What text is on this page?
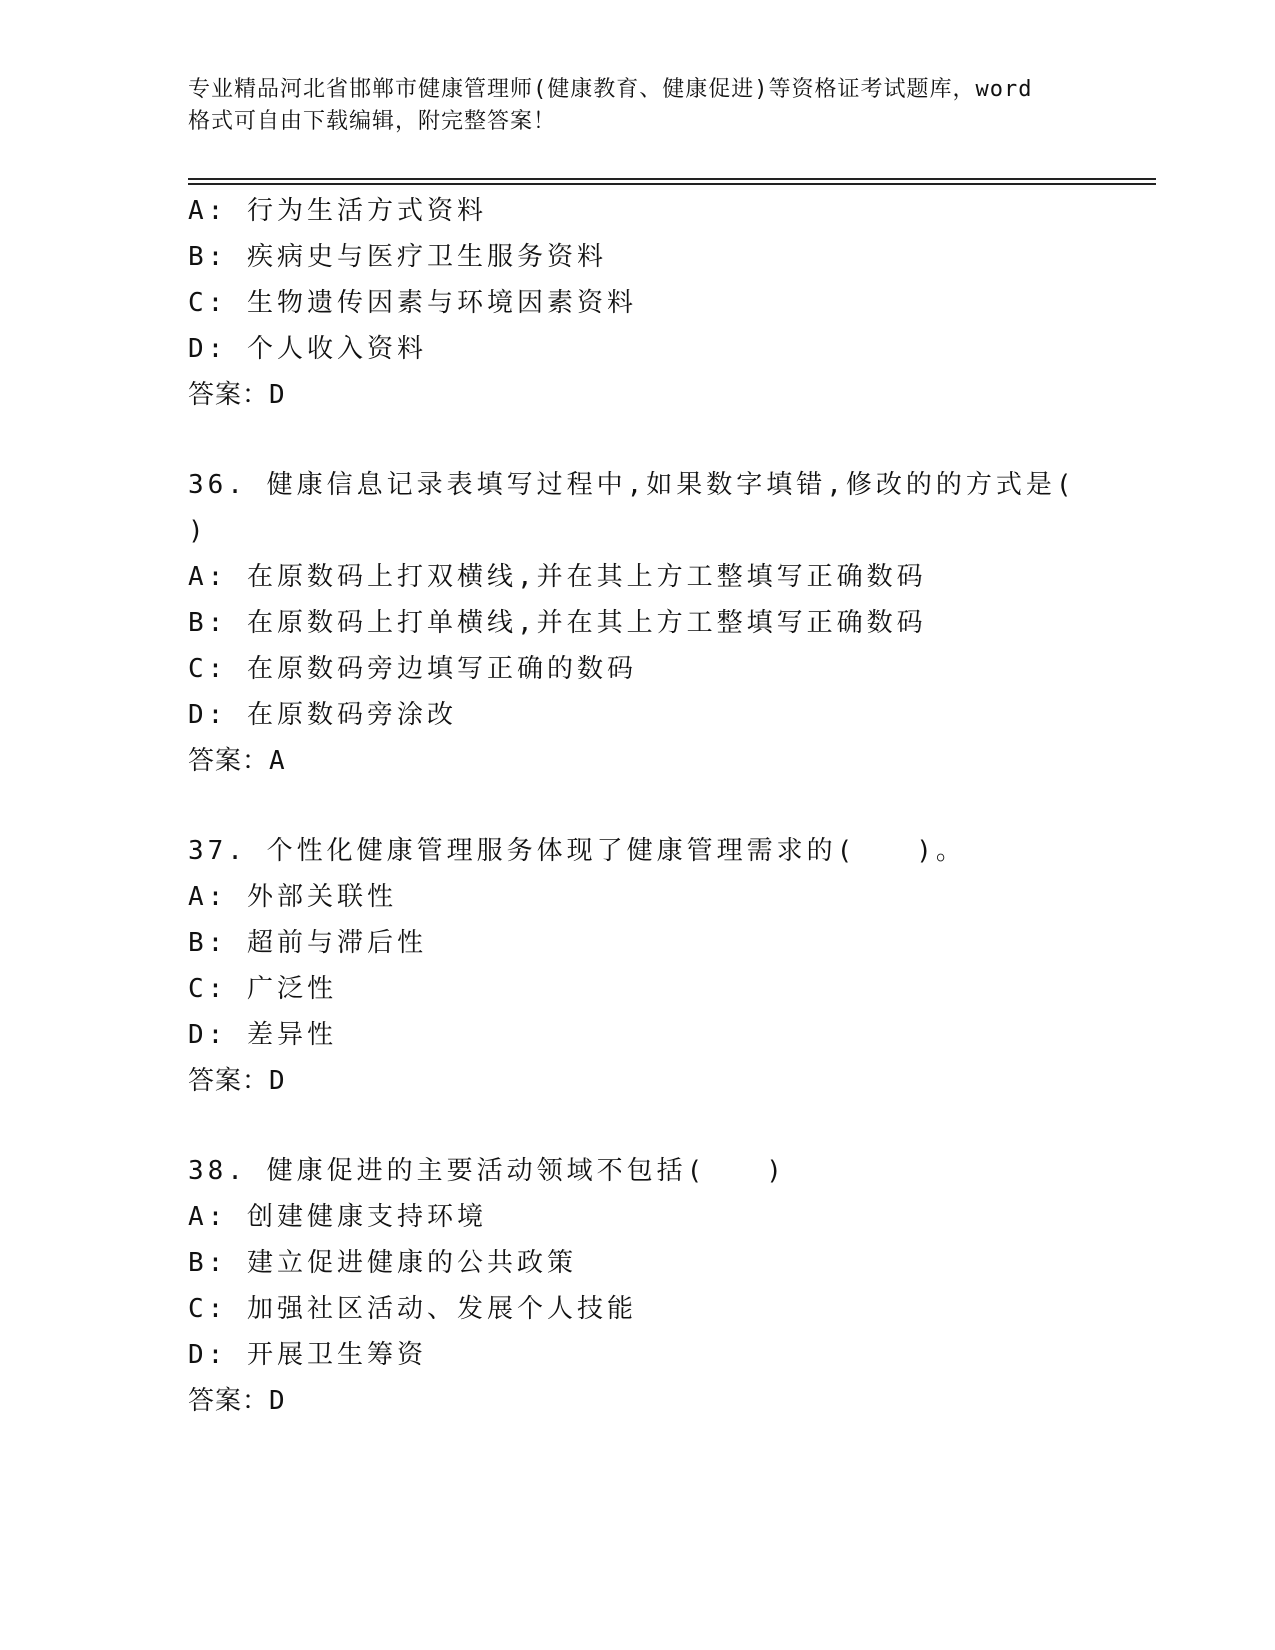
专业精品河北省邯郸市健康管理师(健康教育、健康促进)等资格证考试题库，word
格式可自由下载编辑，附完整答案！
A: 行为生活方式资料
B: 疾病史与医疗卫生服务资料
C: 生物遗传因素与环境因素资料
D: 个人收入资料
答案：D
36. 健康信息记录表填写过程中,如果数字填错,修改的的方式是(
)
A: 在原数码上打双横线,并在其上方工整填写正确数码
B: 在原数码上打单横线,并在其上方工整填写正确数码
C: 在原数码旁边填写正确的数码
D: 在原数码旁涂改
答案：A
37. 个性化健康管理服务体现了健康管理需求的(　　)。
A: 外部关联性
B: 超前与滞后性
C: 广泛性
D: 差异性
答案：D
38. 健康促进的主要活动领域不包括(　　)
A: 创建健康支持环境
B: 建立促进健康的公共政策
C: 加强社区活动、发展个人技能
D: 开展卫生筹资
答案：D
